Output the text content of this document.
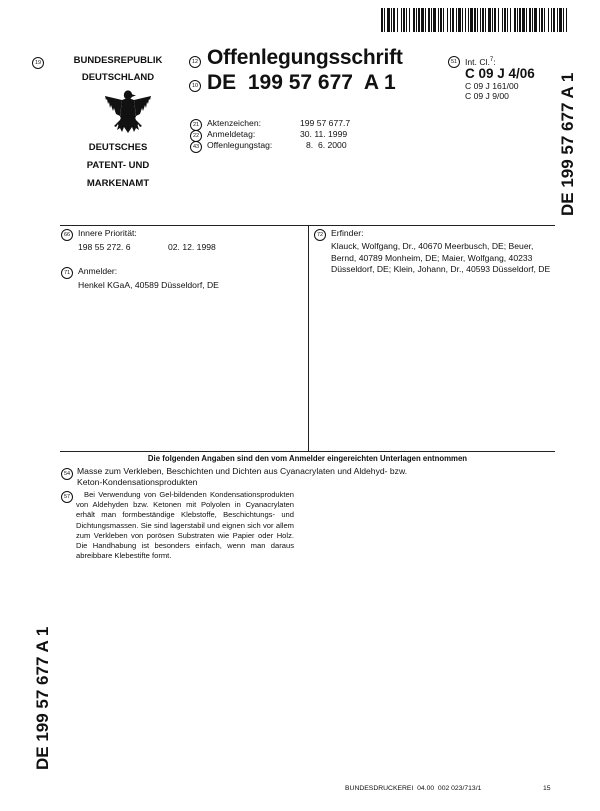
19	BUNDESREPUBLIK
DEUTSCHLAND
DEUTSCHES
PATENT- UND
MARKENAMT
12 Offenlegungsschrift
10 DE  199 57 677  A 1
51 Int. Cl.$^7$:
C 09 J 4/06
C 09 J 161/00
C 09 J 9/00	DE 199 57 677 A 1
21 Aktenzeichen:	199 57 677.7
22 Anmeldetag:	30. 11. 1999
43 Offenlegungstag:	8.  6. 2000
66 Innere Priorität:
198 55 272. 6	02. 12. 1998
71 Anmelder:
Henkel KGaA, 40589 Düsseldorf, DE
72 Erfinder:
Klauck, Wolfgang, Dr., 40670 Meerbusch, DE; Beuer, Bernd, 40789 Monheim, DE; Maier, Wolfgang, 40233 Düsseldorf, DE; Klein, Johann, Dr., 40593 Düsseldorf, DE
Die folgenden Angaben sind den vom Anmelder eingereichten Unterlagen entnommen
54 Masse zum Verkleben, Beschichten und Dichten aus Cyanacrylaten und Aldehyd- bzw.
Keton-Kondensationsprodukten
57	Bei Verwendung von Gel-bildenden Kondensationsprodukten von Aldehyden bzw. Ketonen mit Polyolen in Cyanacrylaten erhält man formbeständige Klebstoffe, Beschichtungs- und Dichtungsmassen. Sie sind lagerstabil und eignen sich vor allem zum Verkleben von porösen Substraten wie Papier oder Holz. Die Handhabung ist besonders einfach, wenn man daraus abreibbare Klebestifte formt.
DE 199 57 677 A 1
BUNDESDRUCKEREI  04.00  002 023/713/1	15
